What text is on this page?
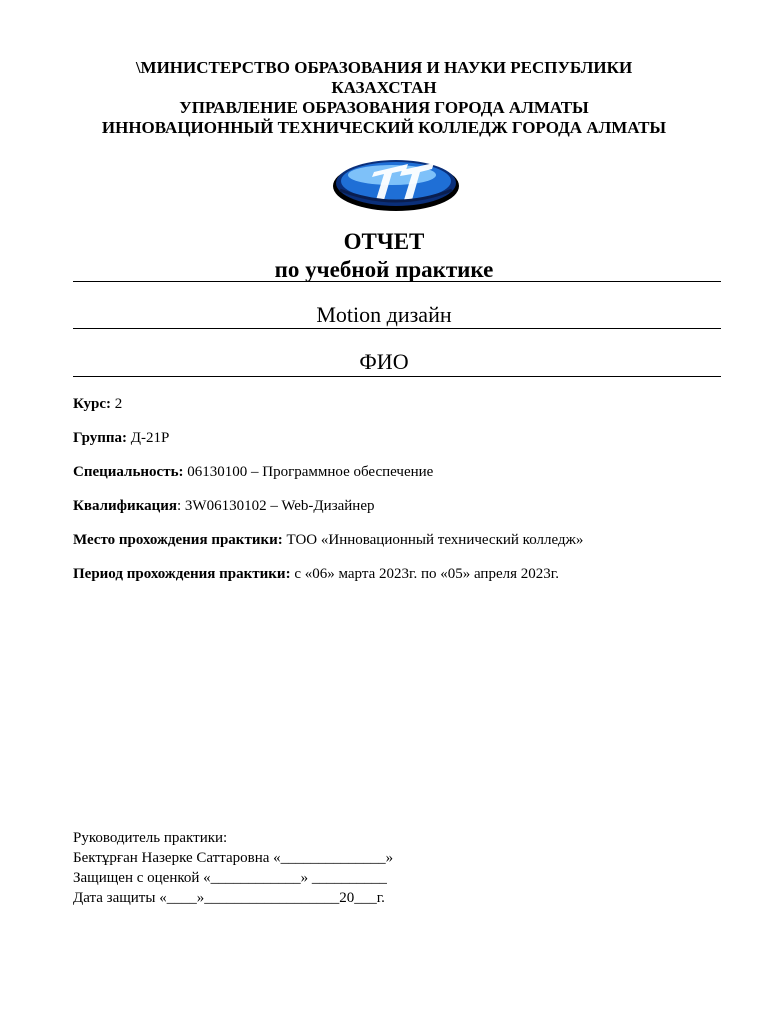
\МИНИСТЕРСТВО ОБРАЗОВАНИЯ И НАУКИ РЕСПУБЛИКИ
КАЗАХСТАН
УПРАВЛЕНИЕ ОБРАЗОВАНИЯ ГОРОДА АЛМАТЫ
ИННОВАЦИОННЫЙ ТЕХНИЧЕСКИЙ КОЛЛЕДЖ ГОРОДА АЛМАТЫ
ОТЧЕТ
по учебной практике
Motion дизайн
ФИО
Курс: 2
Группа: Д-21Р
Специальность: 06130100 – Программное обеспечение
Квалификация: 3W06130102 – Web-Дизайнер
Место прохождения практики: ТОО «Инновационный технический колледж»
Период прохождения практики: с «06» марта 2023г. по «05» апреля 2023г.
Руководитель практики:
Бектұрған Назерке Саттаровна «______________»
Защищен с оценкой «____________» __________
Дата защиты «____»__________________20___г.
